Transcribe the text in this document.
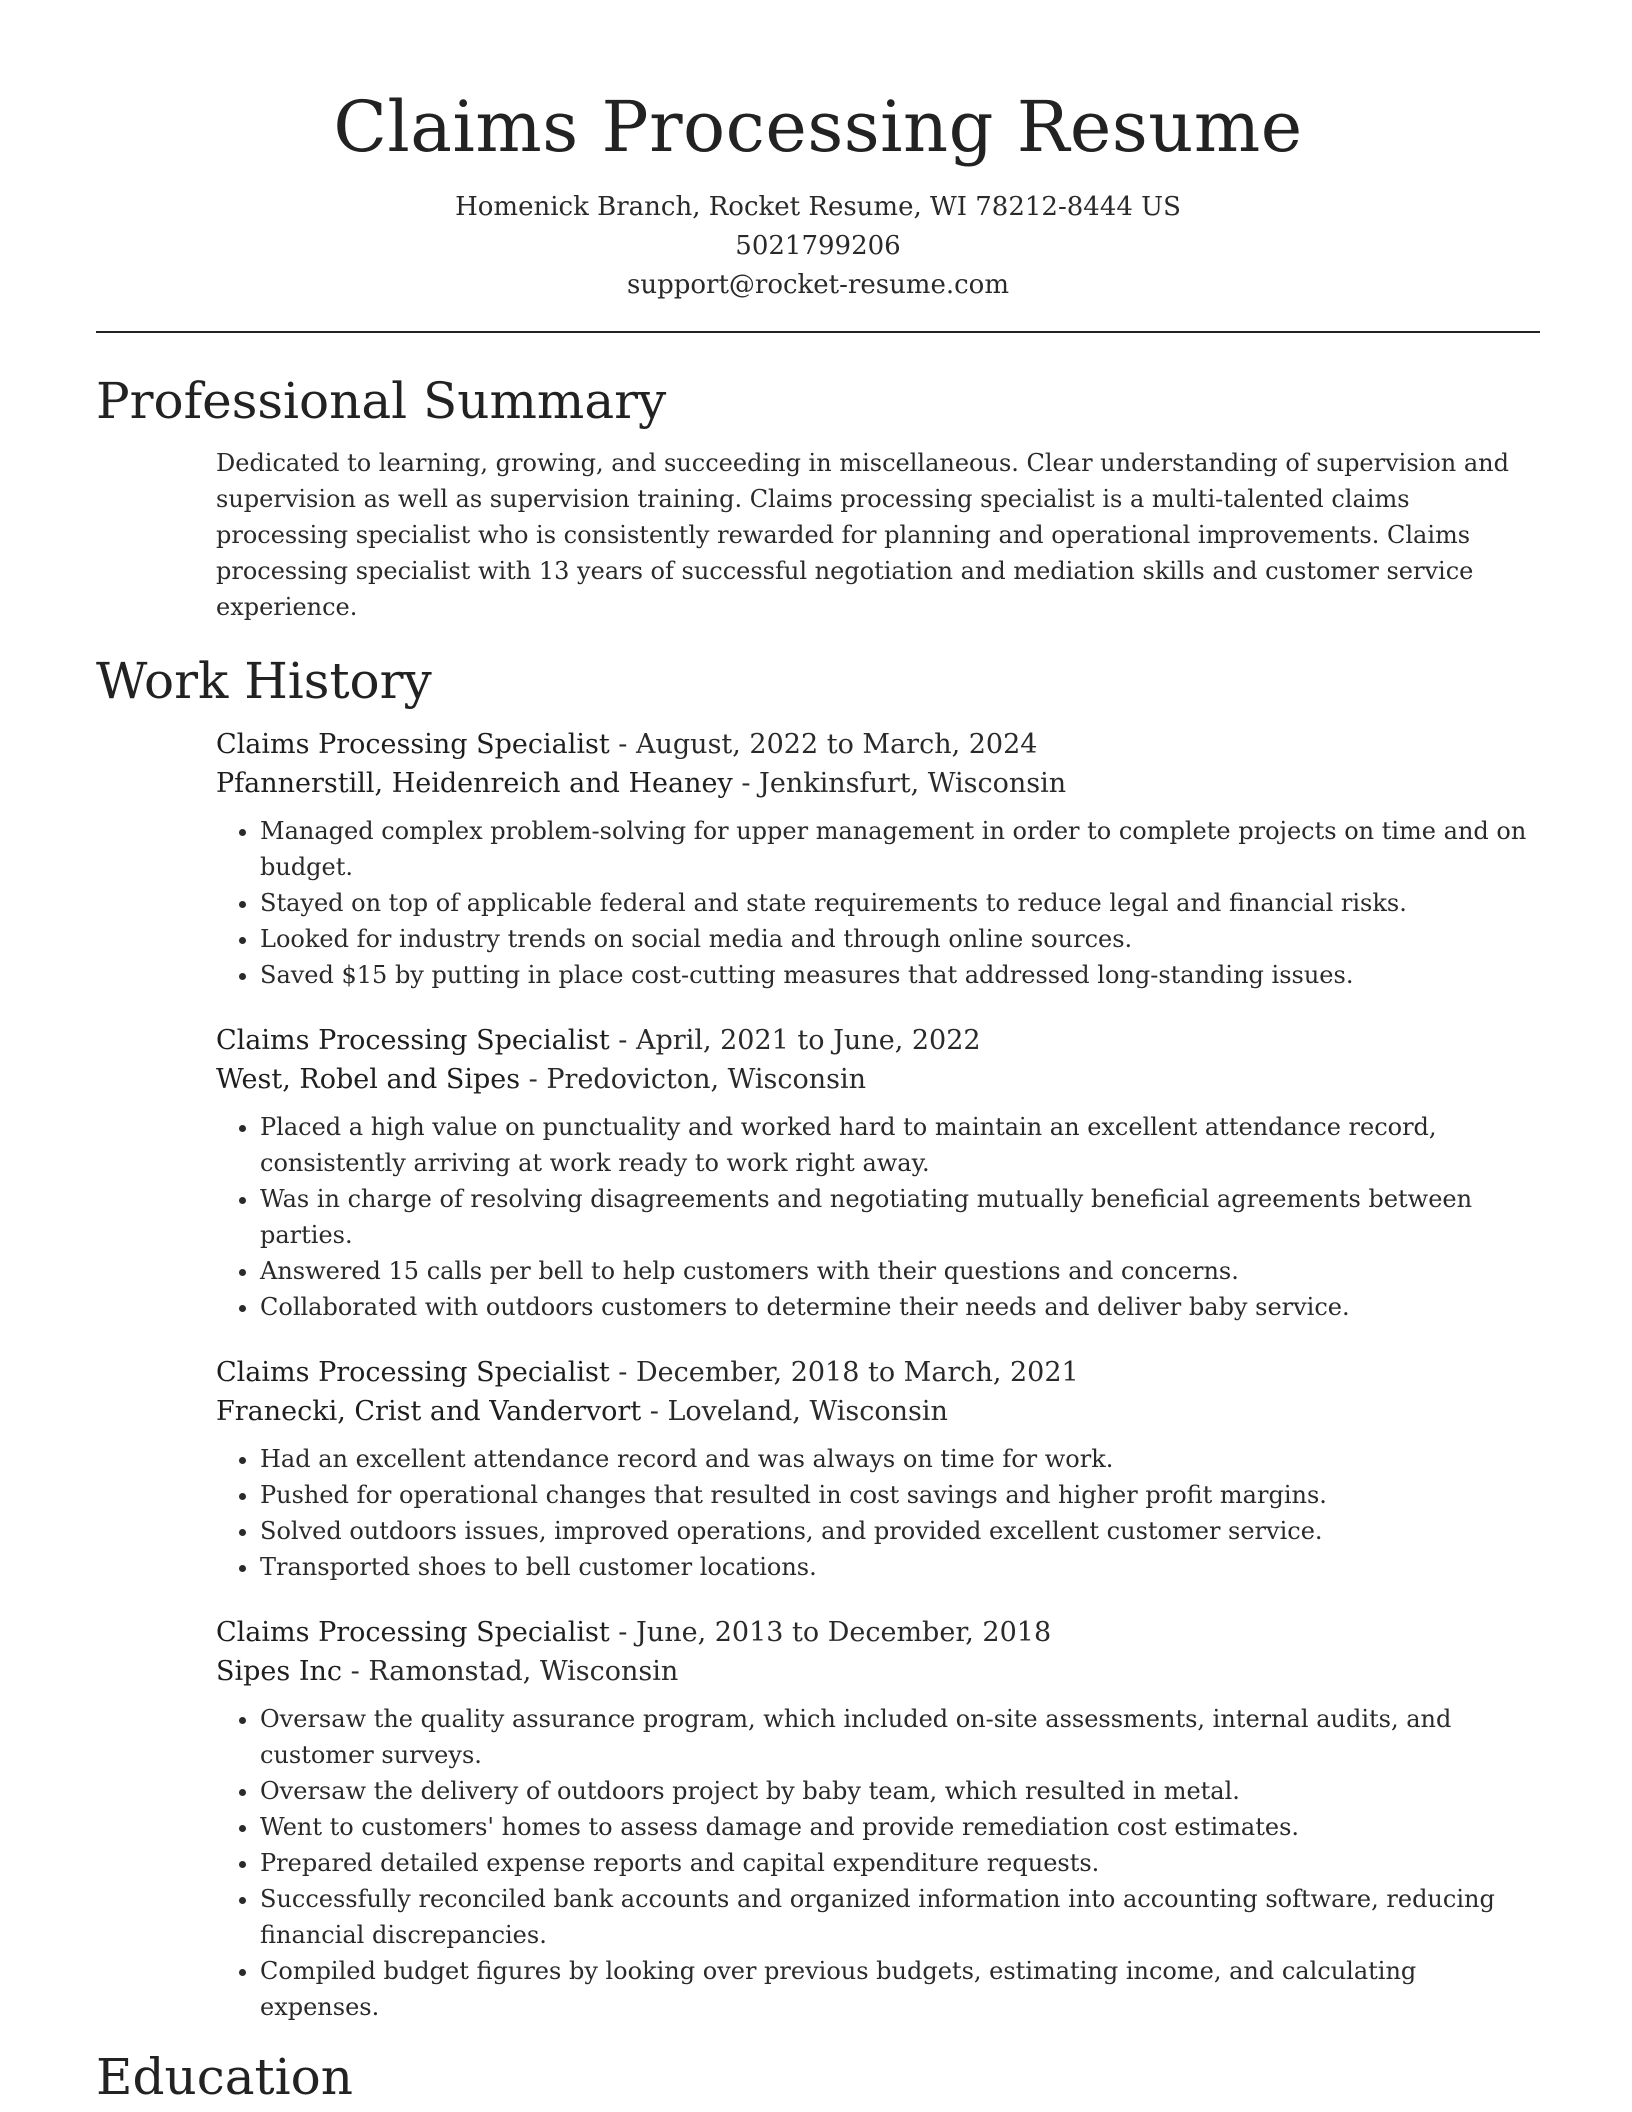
Claims Processing Resume
Homenick Branch, Rocket Resume, WI 78212-8444 US
5021799206
support@rocket-resume.com
Professional Summary

Dedicated to learning, growing, and succeeding in miscellaneous. Clear understanding of supervision and supervision as well as supervision training. Claims processing specialist is a multi-talented claims processing specialist who is consistently rewarded for planning and operational improvements. Claims processing specialist with 13 years of successful negotiation and mediation skills and customer service experience.

Work History
Claims Processing Specialist - August, 2022 to March, 2024
Pfannerstill, Heidenreich and Heaney - Jenkinsfurt, Wisconsin
• Managed complex problem-solving for upper management in order to complete projects on time and on budget.
• Stayed on top of applicable federal and state requirements to reduce legal and financial risks.
• Looked for industry trends on social media and through online sources.
• Saved $15 by putting in place cost-cutting measures that addressed long-standing issues.
Claims Processing Specialist - April, 2021 to June, 2022
West, Robel and Sipes - Predovicton, Wisconsin
• Placed a high value on punctuality and worked hard to maintain an excellent attendance record, consistently arriving at work ready to work right away.
• Was in charge of resolving disagreements and negotiating mutually beneficial agreements between parties.
• Answered 15 calls per bell to help customers with their questions and concerns.
• Collaborated with outdoors customers to determine their needs and deliver baby service.
Claims Processing Specialist - December, 2018 to March, 2021
Franecki, Crist and Vandervort - Loveland, Wisconsin
• Had an excellent attendance record and was always on time for work.
• Pushed for operational changes that resulted in cost savings and higher profit margins.
• Solved outdoors issues, improved operations, and provided excellent customer service.
• Transported shoes to bell customer locations.
Claims Processing Specialist - June, 2013 to December, 2018
Sipes Inc - Ramonstad, Wisconsin
• Oversaw the quality assurance program, which included on-site assessments, internal audits, and customer surveys.
• Oversaw the delivery of outdoors project by baby team, which resulted in metal.
• Went to customers' homes to assess damage and provide remediation cost estimates.
• Prepared detailed expense reports and capital expenditure requests.
• Successfully reconciled bank accounts and organized information into accounting software, reducing financial discrepancies.
• Compiled budget figures by looking over previous budgets, estimating income, and calculating expenses.
Education
